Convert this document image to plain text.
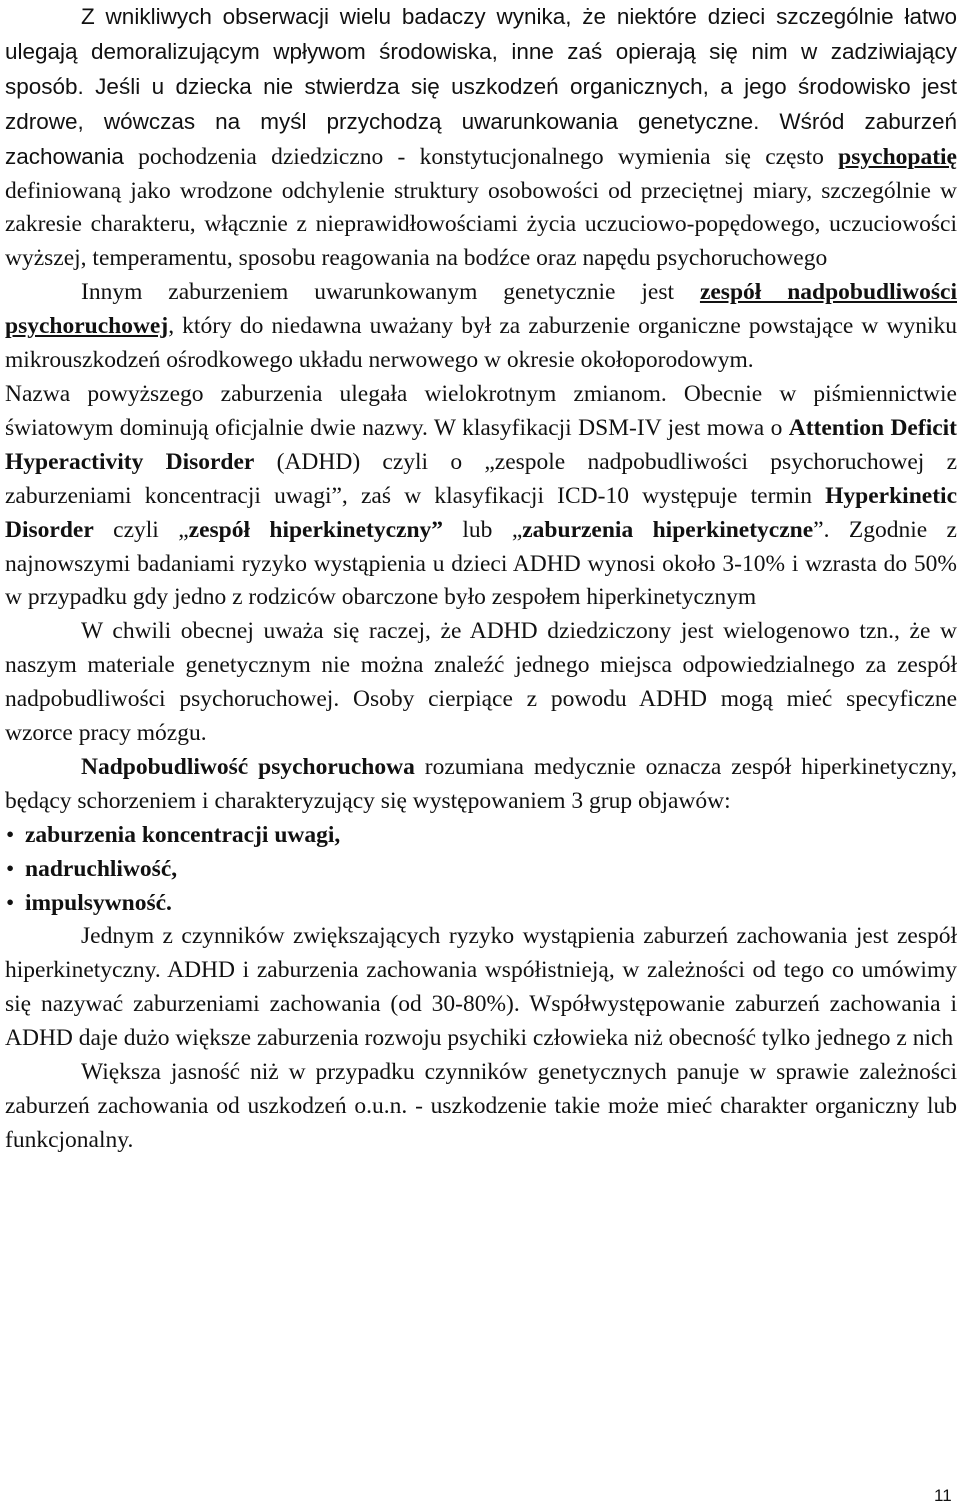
Z wnikliwych obserwacji wielu badaczy wynika, że niektóre dzieci szczególnie łatwo ulegają demoralizującym wpływom środowiska, inne zaś opierają się nim w zadziwiający sposób. Jeśli u dziecka nie stwierdza się uszkodzeń organicznych, a jego środowisko jest zdrowe, wówczas na myśl przychodzą uwarunkowania genetyczne. Wśród zaburzeń zachowania pochodzenia dziedziczno - konstytucjonalnego wymienia się często psychopatię definiowaną jako wrodzone odchylenie struktury osobowości od przeciętnej miary, szczególnie w zakresie charakteru, włącznie z nieprawidłowościami życia uczuciowo-popędowego, uczuciowości wyższej, temperamentu, sposobu reagowania na bodźce oraz napędu psychoruchowego

Innym zaburzeniem uwarunkowanym genetycznie jest zespół nadpobudliwości psychoruchowej, który do niedawna uważany był za zaburzenie organiczne powstające w wyniku mikrouszkodzeń ośrodkowego układu nerwowego w okresie okołoporodowym.

Nazwa powyższego zaburzenia ulegała wielokrotnym zmianom. Obecnie w piśmiennictwie światowym dominują oficjalnie dwie nazwy. W klasyfikacji DSM-IV jest mowa o Attention Deficit Hyperactivity Disorder (ADHD) czyli o „zespole nadpobudliwości psychoruchowej z zaburzeniami koncentracji uwagi”, zaś w klasyfikacji ICD-10 występuje termin Hyperkinetic Disorder czyli „zespół hiperkinetyczny” lub „zaburzenia hiperkinetyczne”. Zgodnie z najnowszymi badaniami ryzyko wystąpienia u dzieci ADHD wynosi około 3-10% i wzrasta do 50% w przypadku gdy jedno z rodziców obarczone było zespołem hiperkinetycznym

W chwili obecnej uważa się raczej, że ADHD dziedziczony jest wielogenowo tzn., że w naszym materiale genetycznym nie można znaleźć jednego miejsca odpowiedzialnego za zespół nadpobudliwości psychoruchowej. Osoby cierpiące z powodu ADHD mogą mieć specyficzne wzorce pracy mózgu.

Nadpobudliwość psychoruchowa rozumiana medycznie oznacza zespół hiperkinetyczny, będący schorzeniem i charakteryzujący się występowaniem 3 grup objawów:

• zaburzenia koncentracji uwagi,
• nadruchliwość,
• impulsywność.

Jednym z czynników zwiększających ryzyko wystąpienia zaburzeń zachowania jest zespół hiperkinetyczny. ADHD i zaburzenia zachowania współistnieją, w zależności od tego co umówimy się nazywać zaburzeniami zachowania (od 30-80%). Współwystępowanie zaburzeń zachowania i ADHD daje dużo większe zaburzenia rozwoju psychiki człowieka niż obecność tylko jednego z nich

Większa jasność niż w przypadku czynników genetycznych panuje w sprawie zależności zaburzeń zachowania od uszkodzeń o.u.n. - uszkodzenie takie może mieć charakter organiczny lub funkcjonalny.

11
